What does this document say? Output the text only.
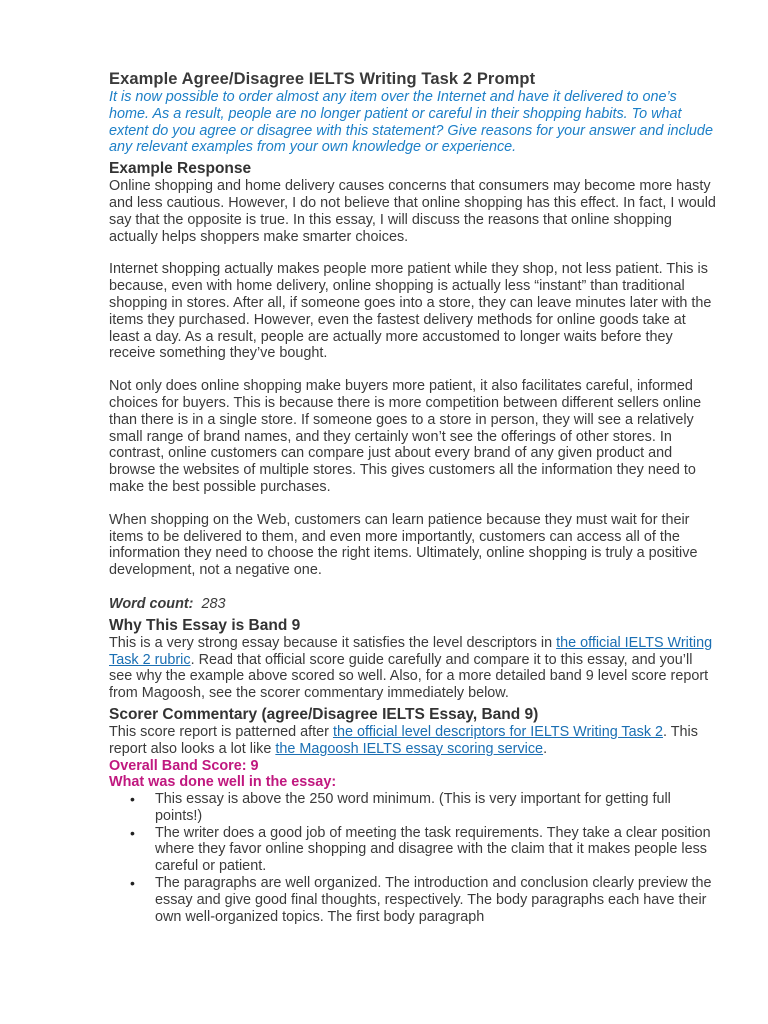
Example Agree/Disagree IELTS Writing Task 2 Prompt

It is now possible to order almost any item over the Internet and have it delivered to one’s home. As a result, people are no longer patient or careful in their shopping habits. To what extent do you agree or disagree with this statement? Give reasons for your answer and include any relevant examples from your own knowledge or experience.

Example Response

Online shopping and home delivery causes concerns that consumers may become more hasty and less cautious. However, I do not believe that online shopping has this effect. In fact, I would say that the opposite is true. In this essay, I will discuss the reasons that online shopping actually helps shoppers make smarter choices.

Internet shopping actually makes people more patient while they shop, not less patient. This is because, even with home delivery, online shopping is actually less “instant” than traditional shopping in stores. After all, if someone goes into a store, they can leave minutes later with the items they purchased. However, even the fastest delivery methods for online goods take at least a day. As a result, people are actually more accustomed to longer waits before they receive something they’ve bought.

Not only does online shopping make buyers more patient, it also facilitates careful, informed choices for buyers. This is because there is more competition between different sellers online than there is in a single store. If someone goes to a store in person, they will see a relatively small range of brand names, and they certainly won’t see the offerings of other stores. In contrast, online customers can compare just about every brand of any given product and browse the websites of multiple stores. This gives customers all the information they need to make the best possible purchases.

When shopping on the Web, customers can learn patience because they must wait for their items to be delivered to them, and even more importantly, customers can access all of the information they need to choose the right items. Ultimately, online shopping is truly a positive development, not a negative one.

Word count: 283

Why This Essay is Band 9

This is a very strong essay because it satisfies the level descriptors in the official IELTS Writing Task 2 rubric. Read that official score guide carefully and compare it to this essay, and you’ll see why the example above scored so well. Also, for a more detailed band 9 level score report from Magoosh, see the scorer commentary immediately below.

Scorer Commentary (agree/Disagree IELTS Essay, Band 9)

This score report is patterned after the official level descriptors for IELTS Writing Task 2. This report also looks a lot like the Magoosh IELTS essay scoring service.

Overall Band Score: 9

What was done well in the essay:

• This essay is above the 250 word minimum. (This is very important for getting full points!)
• The writer does a good job of meeting the task requirements. They take a clear position where they favor online shopping and disagree with the claim that it makes people less careful or patient.
• The paragraphs are well organized. The introduction and conclusion clearly preview the essay and give good final thoughts, respectively. The body paragraphs each have their own well-organized topics. The first body paragraph
